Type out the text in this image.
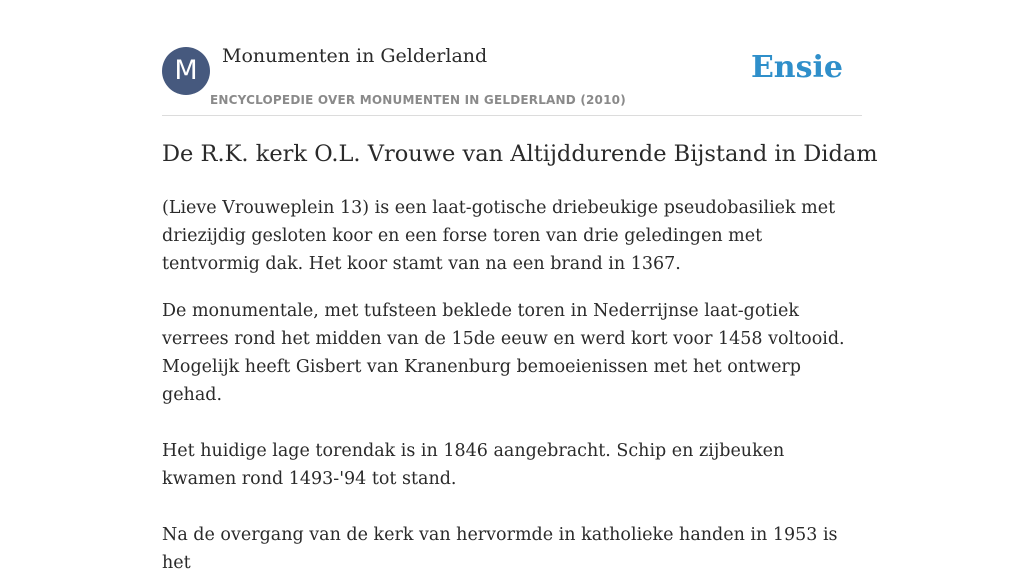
M	Monumenten in Gelderland
ENCYCLOPEDIE OVER MONUMENTEN IN GELDERLAND (2010)
Ensie
De R.K. kerk O.L. Vrouwe van Altijddurende Bijstand in Didam

(Lieve Vrouweplein 13) is een laat-gotische driebeukige pseudobasiliek met driezijdig gesloten koor en een forse toren van drie geledingen met tentvormig dak. Het koor stamt van na een brand in 1367.

De monumentale, met tufsteen beklede toren in Nederrijnse laat-gotiek verrees rond het midden van de 15de eeuw en werd kort voor 1458 voltooid. Mogelijk heeft Gisbert van Kranenburg bemoeienissen met het ontwerp gehad.

Het huidige lage torendak is in 1846 aangebracht. Schip en zijbeuken kwamen rond 1493-'94 tot stand.

Na de overgang van de kerk van hervormde in katholieke handen in 1953 is het
